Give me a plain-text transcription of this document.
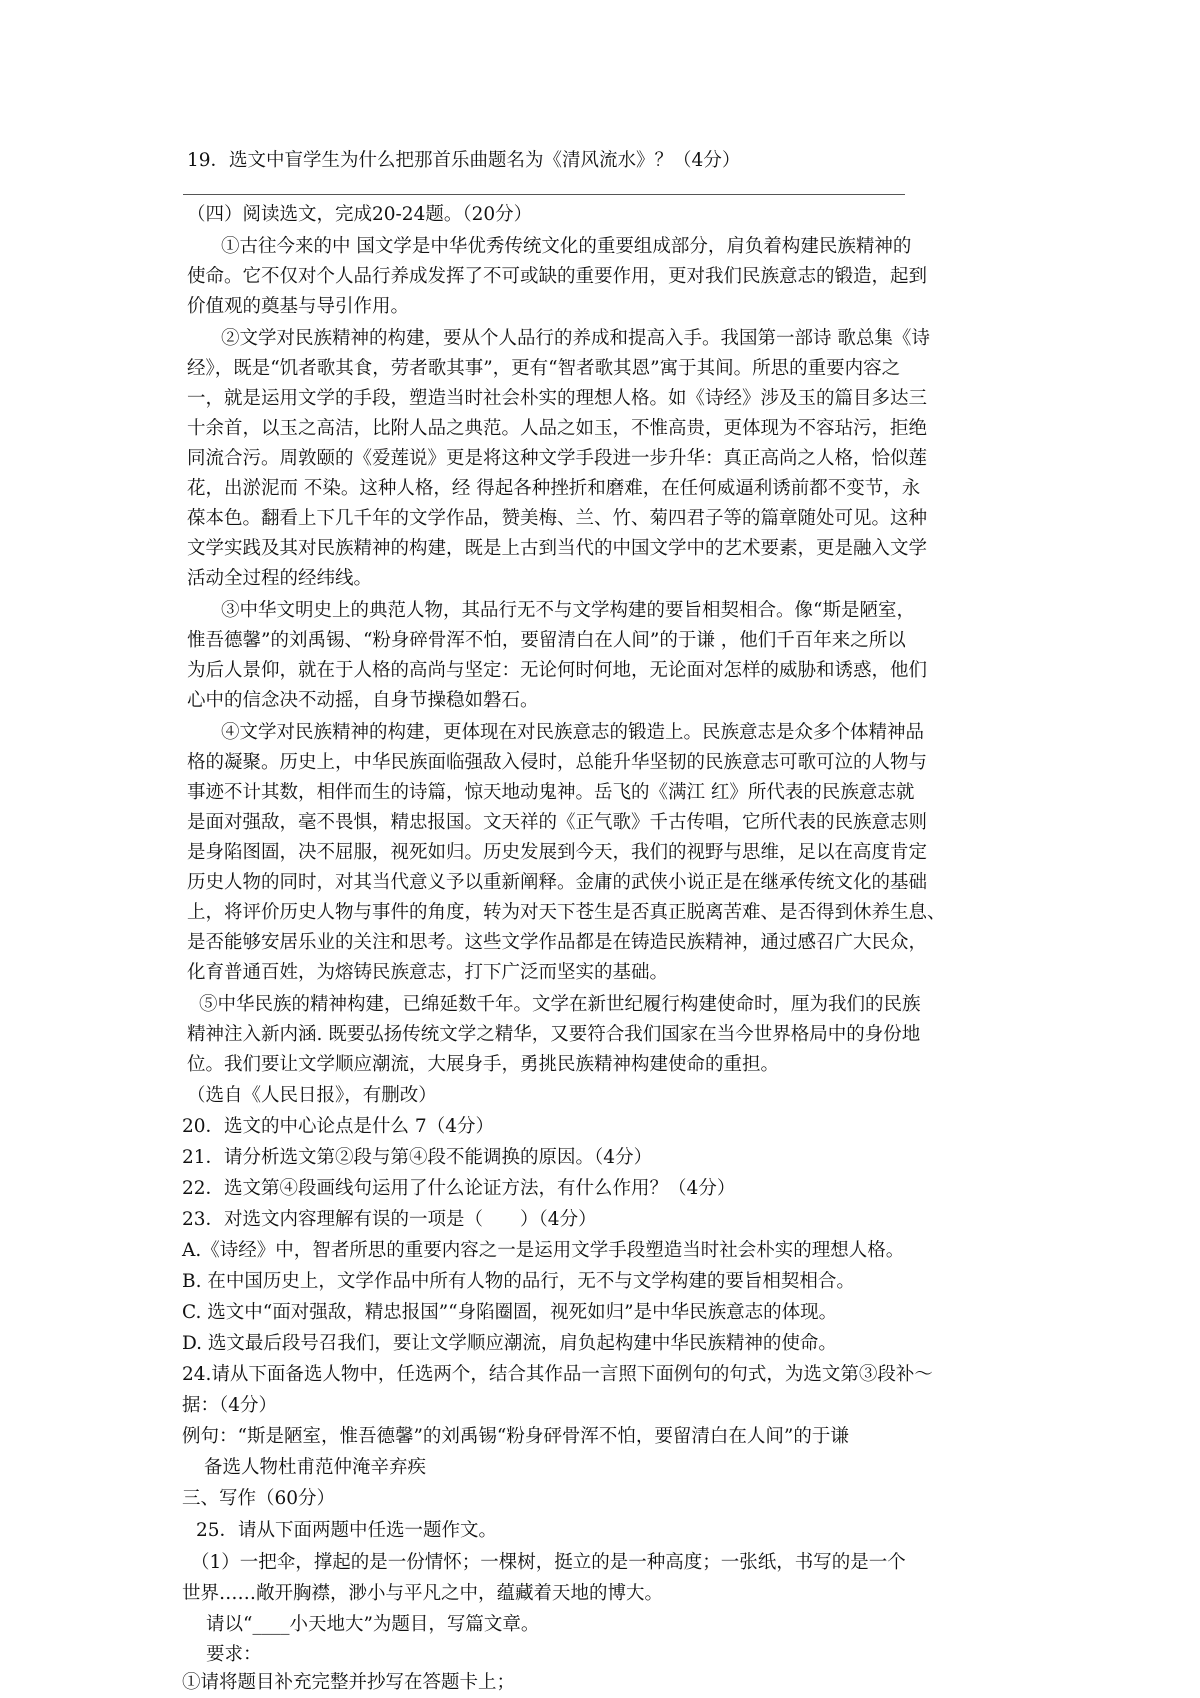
19．选文中盲学生为什么把那首乐曲题名为《清风流水》？（4分）
（四）阅读选文，完成20-24题。（20分）
①古往今来的中 国文学是中华优秀传统文化的重要组成部分，肩负着构建民族精神的
使命。它不仅对个人品行养成发挥了不可或缺的重要作用，更对我们民族意志的锻造，起到
价值观的奠基与导引作用。
②文学对民族精神的构建，要从个人品行的养成和提高入手。我国第一部诗 歌总集《诗
经》，既是“饥者歌其食，劳者歌其事”，更有“智者歌其恩”寓于其间。所思的重要内容之
一，就是运用文学的手段，塑造当时社会朴实的理想人格。如《诗经》涉及玉的篇目多达三
十余首，以玉之高洁，比附人品之典范。人品之如玉，不惟高贵，更体现为不容玷污，拒绝
同流合污。周敦颐的《爱莲说》更是将这种文学手段进一步升华：真正高尚之人格，恰似莲
花，出淤泥而 不染。这种人格，经 得起各种挫折和磨难，在任何威逼利诱前都不变节，永
葆本色。翻看上下几千年的文学作品，赞美梅、兰、竹、菊四君子等的篇章随处可见。这种
文学实践及其对民族精神的构建，既是上古到当代的中国文学中的艺术要素，更是融入文学
活动全过程的经纬线。
③中华文明史上的典范人物，其品行无不与文学构建的要旨相契相合。像“斯是陋室，
惟吾德馨”的刘禹锡、“粉身碎骨浑不怕，要留清白在人间”的于谦 ，他们千百年来之所以
为后人景仰，就在于人格的高尚与坚定：无论何时何地，无论面对怎样的威胁和诱惑，他们
心中的信念决不动摇，自身节操稳如磐石。
④文学对民族精神的构建，更体现在对民族意志的锻造上。民族意志是众多个体精神品
格的凝聚。历史上，中华民族面临强敌入侵时，总能升华坚韧的民族意志可歌可泣的人物与
事迹不计其数，相伴而生的诗篇，惊天地动鬼神。岳飞的《满江 红》所代表的民族意志就
是面对强敌，毫不畏惧，精忠报国。文天祥的《正气歌》千古传唱，它所代表的民族意志则
是身陷图圄，决不屈服，视死如归。历史发展到今天，我们的视野与思维，足以在高度肯定
历史人物的同时，对其当代意义予以重新阐释。金庸的武侠小说正是在继承传统文化的基础
上，将评价历史人物与事件的角度，转为对天下苍生是否真正脱离苦难、是否得到休养生息、
是否能够安居乐业的关注和思考。这些文学作品都是在铸造民族精神，通过感召广大民众，
化育普通百姓，为熔铸民族意志，打下广泛而坚实的基础。
⑤中华民族的精神构建，已绵延数千年。文学在新世纪履行构建使命时，厘为我们的民族
精神注入新内涵. 既要弘扬传统文学之精华，又要符合我们国家在当今世界格局中的身份地
位。我们要让文学顺应潮流，大展身手，勇挑民族精神构建使命的重担。
（选自《人民日报》，有删改）
20．选文的中心论点是什么 7（4分）
21．请分析选文第②段与第④段不能调换的原因。（4分）
22．选文第④段画线句运用了什么论证方法，有什么作用？（4分）
23．对选文内容理解有误的一项是（　　）（4分）
A.《诗经》中，智者所思的重要内容之一是运用文学手段塑造当时社会朴实的理想人格。
B. 在中国历史上，文学作品中所有人物的品行，无不与文学构建的要旨相契相合。
C. 选文中“面对强敌，精忠报国”“身陷圈圄，视死如归”是中华民族意志的体现。
D. 选文最后段号召我们，要让文学顺应潮流，肩负起构建中华民族精神的使命。
24.请从下面备选人物中，任选两个，结合其作品一言照下面例句的句式，为选文第③段补～
据：（4分）
例句：“斯是陋室，惟吾德馨”的刘禹锡“粉身砰骨浑不怕，要留清白在人间”的于谦
备选人物杜甫范仲淹辛弃疾
三、写作（60分）
25．请从下面两题中任选一题作文。
（1）一把伞，撑起的是一份情怀；一棵树，挺立的是一种高度；一张纸，书写的是一个
世界……敞开胸襟，渺小与平凡之中，蕴藏着天地的博大。
请以“____小天地大”为题目，写篇文章。
要求：
①请将题目补充完整并抄写在答题卡上；
